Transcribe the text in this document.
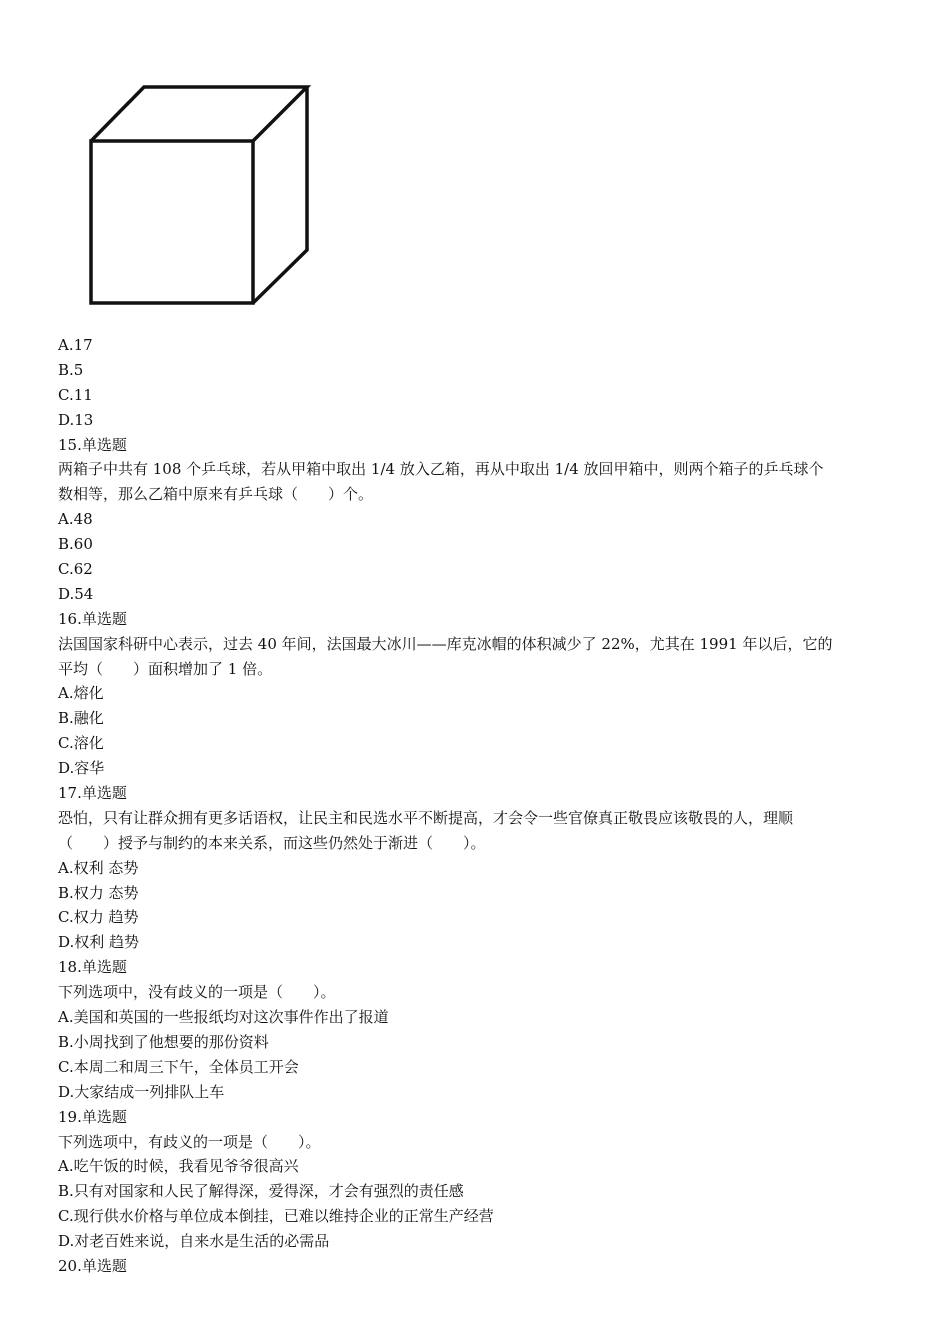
A.17
B.5
C.11
D.13
15.单选题
两箱子中共有 108 个乒乓球，若从甲箱中取出 1/4 放入乙箱，再从中取出 1/4 放回甲箱中，则两个箱子的乒乓球个
数相等，那么乙箱中原来有乒乓球（　　）个。
A.48
B.60
C.62
D.54
16.单选题
法国国家科研中心表示，过去 40 年间，法国最大冰川——库克冰帽的体积减少了 22%，尤其在 1991 年以后，它的
平均（　　）面积增加了 1 倍。
A.熔化
B.融化
C.溶化
D.容华
17.单选题
恐怕，只有让群众拥有更多话语权，让民主和民选水平不断提高，才会令一些官僚真正敬畏应该敬畏的人，理顺
（　　）授予与制约的本来关系，而这些仍然处于渐进（　　）。
A.权利 态势
B.权力 态势
C.权力 趋势
D.权利 趋势
18.单选题
下列选项中，没有歧义的一项是（　　）。
A.美国和英国的一些报纸均对这次事件作出了报道
B.小周找到了他想要的那份资料
C.本周二和周三下午，全体员工开会
D.大家结成一列排队上车
19.单选题
下列选项中，有歧义的一项是（　　）。
A.吃午饭的时候，我看见爷爷很高兴
B.只有对国家和人民了解得深，爱得深，才会有强烈的责任感
C.现行供水价格与单位成本倒挂，已难以维持企业的正常生产经营
D.对老百姓来说，自来水是生活的必需品
20.单选题
